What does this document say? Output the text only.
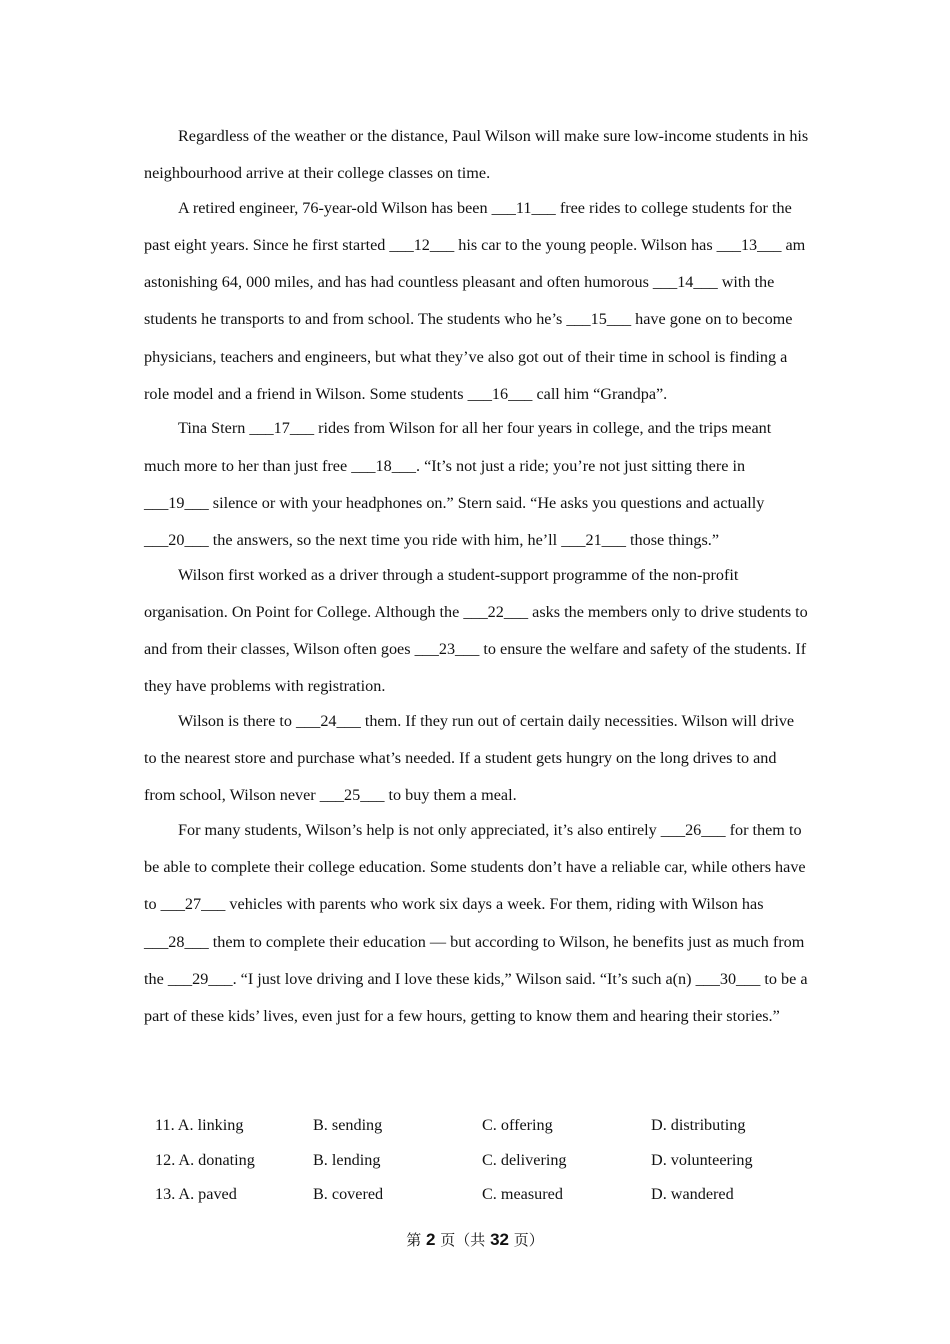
Regardless of the weather or the distance, Paul Wilson will make sure low-income students in his neighbourhood arrive at their college classes on time.

A retired engineer, 76-year-old Wilson has been ___11___ free rides to college students for the past eight years. Since he first started ___12___ his car to the young people. Wilson has ___13___ am astonishing 64, 000 miles, and has had countless pleasant and often humorous ___14___ with the students he transports to and from school. The students who he’s ___15___ have gone on to become physicians, teachers and engineers, but what they’ve also got out of their time in school is finding a role model and a friend in Wilson. Some students ___16___ call him “Grandpa”.

Tina Stern ___17___ rides from Wilson for all her four years in college, and the trips meant much more to her than just free ___18___. “It’s not just a ride; you’re not just sitting there in ___19___ silence or with your headphones on.” Stern said. “He asks you questions and actually ___20___ the answers, so the next time you ride with him, he’ll ___21___ those things.”

Wilson first worked as a driver through a student-support programme of the non-profit organisation. On Point for College. Although the ___22___ asks the members only to drive students to and from their classes, Wilson often goes ___23___ to ensure the welfare and safety of the students. If they have problems with registration.

Wilson is there to ___24___ them. If they run out of certain daily necessities. Wilson will drive to the nearest store and purchase what’s needed. If a student gets hungry on the long drives to and from school, Wilson never ___25___ to buy them a meal.

For many students, Wilson’s help is not only appreciated, it’s also entirely ___26___ for them to be able to complete their college education. Some students don’t have a reliable car, while others have to ___27___ vehicles with parents who work six days a week. For them, riding with Wilson has ___28___ them to complete their education — but according to Wilson, he benefits just as much from the ___29___. “I just love driving and I love these kids,” Wilson said. “It’s such a(n) ___30___ to be a part of these kids’ lives, even just for a few hours, getting to know them and hearing their stories.”

11. A. linking	B. sending	C. offering	D. distributing
12. A. donating	B. lending	C. delivering	D. volunteering
13. A. paved	B. covered	C. measured	D. wandered
第 2 页（共 32 页）
